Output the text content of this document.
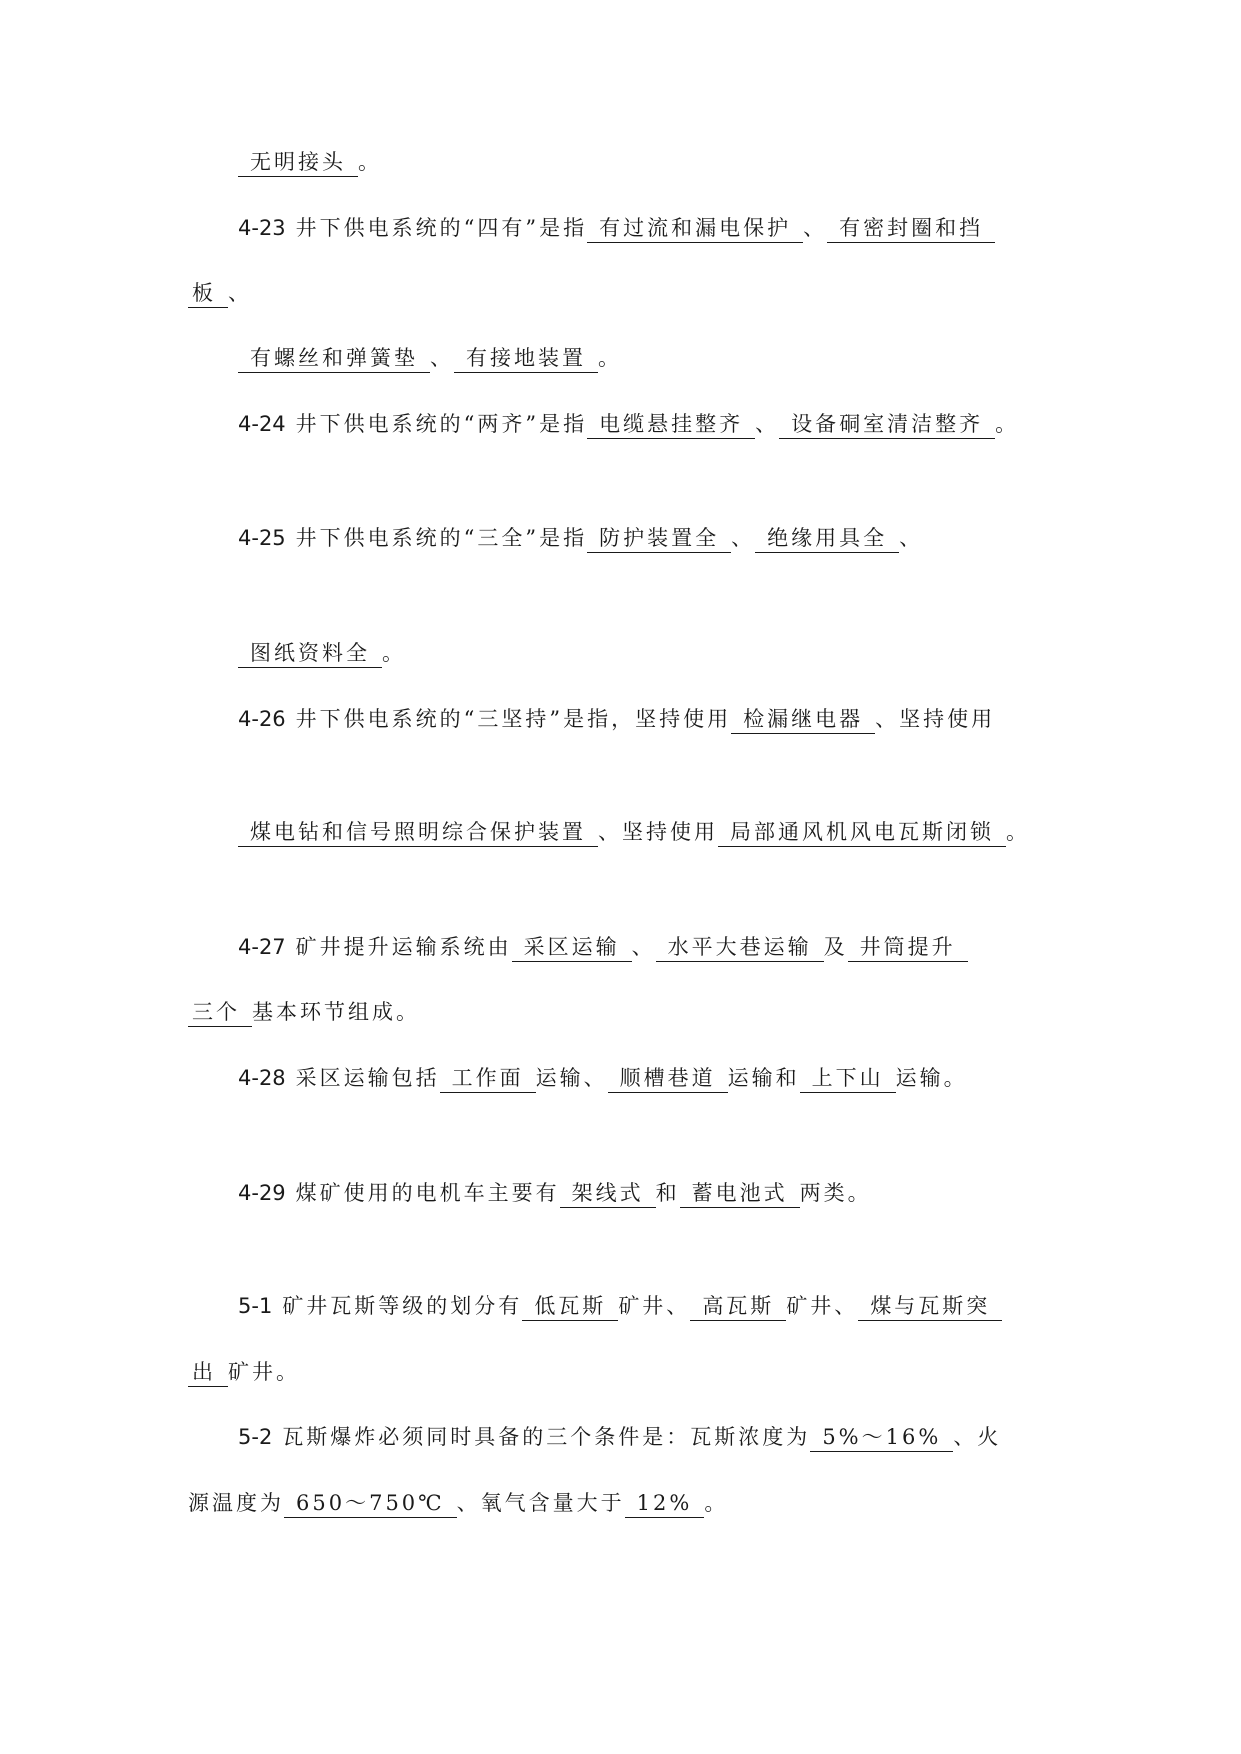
无明接头 。
4-23 井下供电系统的“四有”是指 有过流和漏电保护 、 有密封圈和挡
板 、
有螺丝和弹簧垫 、 有接地装置 。
4-24 井下供电系统的“两齐”是指 电缆悬挂整齐 、 设备硐室清洁整齐 。
4-25 井下供电系统的“三全”是指 防护装置全 、 绝缘用具全 、
图纸资料全 。
4-26 井下供电系统的“三坚持”是指，坚持使用 检漏继电器 、坚持使用
煤电钻和信号照明综合保护装置 、坚持使用 局部通风机风电瓦斯闭锁 。
4-27 矿井提升运输系统由 采区运输 、 水平大巷运输 及 井筒提升
三个 基本环节组成。
4-28 采区运输包括 工作面 运输、 顺槽巷道 运输和 上下山 运输。
4-29 煤矿使用的电机车主要有 架线式 和 蓄电池式 两类。
5-1 矿井瓦斯等级的划分有 低瓦斯 矿井、 高瓦斯 矿井、 煤与瓦斯突
出 矿井。
5-2 瓦斯爆炸必须同时具备的三个条件是：瓦斯浓度为 5%～16% 、火
源温度为 650～750℃ 、氧气含量大于 12% 。
